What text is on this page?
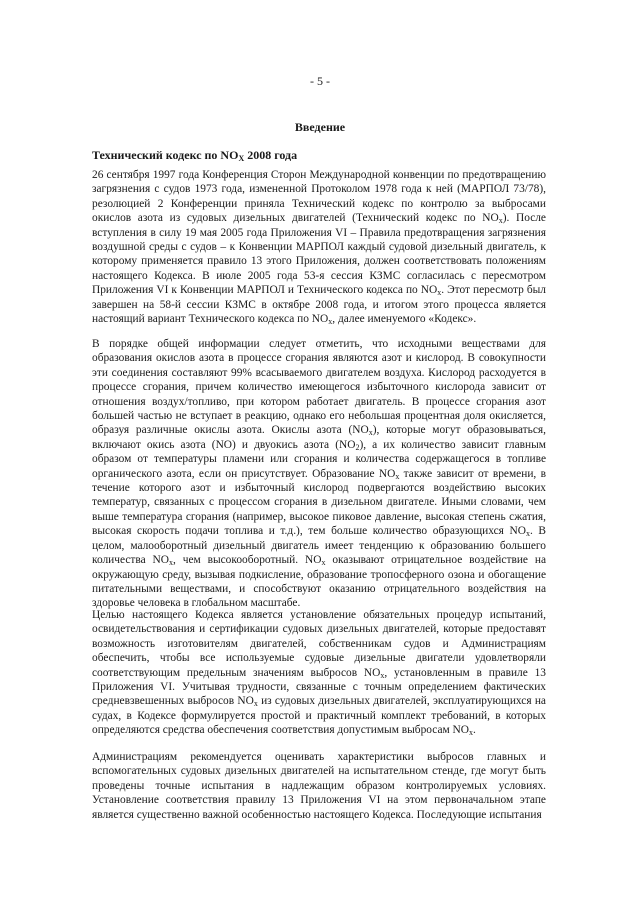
- 5 -
Введение
Технический кодекс по $NO_X$ 2008 года

26 сентября 1997 года Конференция Сторон Международной конвенции по предотвращению загрязнения с судов 1973 года, измененной Протоколом 1978 года к ней (МАРПОЛ 73/78), резолюцией 2 Конференции приняла Технический кодекс по контролю за выбросами окислов азота из судовых дизельных двигателей (Технический кодекс по $NO_x$). После вступления в силу 19 мая 2005 года Приложения VI – Правила предотвращения загрязнения воздушной среды с судов – к Конвенции МАРПОЛ каждый судовой дизельный двигатель, к которому применяется правило 13 этого Приложения, должен соответствовать положениям настоящего Кодекса. В июле 2005 года 53-я сессия КЗМС согласилась с пересмотром Приложения VI к Конвенции МАРПОЛ и Технического кодекса по $NO_x$. Этот пересмотр был завершен на 58-й сессии КЗМС в октябре 2008 года, и итогом этого процесса является настоящий вариант Технического кодекса по $NO_x$, далее именуемого «Кодекс».

В порядке общей информации следует отметить, что исходными веществами для образования окислов азота в процессе сгорания являются азот и кислород. В совокупности эти соединения составляют 99% всасываемого двигателем воздуха. Кислород расходуется в процессе сгорания, причем количество имеющегося избыточного кислорода зависит от отношения воздух/топливо, при котором работает двигатель. В процессе сгорания азот большей частью не вступает в реакцию, однако его небольшая процентная доля окисляется, образуя различные окислы азота. Окислы азота $(NO_x)$, которые могут образовываться, включают окись азота (NO) и двуокись азота $(NO_2)$, а их количество зависит главным образом от температуры пламени или сгорания и количества содержащегося в топливе органического азота, если он присутствует. Образование $NO_x$ также зависит от времени, в течение которого азот и избыточный кислород подвергаются воздействию высоких температур, связанных с процессом сгорания в дизельном двигателе. Иными словами, чем выше температура сгорания (например, высокое пиковое давление, высокая степень сжатия, высокая скорость подачи топлива и т.д.), тем больше количество образующихся $NO_x$. В целом, малооборотный дизельный двигатель имеет тенденцию к образованию большего количества $NO_x$, чем высокооборотный. $NO_x$ оказывают отрицательное воздействие на окружающую среду, вызывая подкисление, образование тропосферного озона и обогащение питательными веществами, и способствуют оказанию отрицательного воздействия на здоровье человека в глобальном масштабе.

Целью настоящего Кодекса является установление обязательных процедур испытаний, освидетельствования и сертификации судовых дизельных двигателей, которые предоставят возможность изготовителям двигателей, собственникам судов и Администрациям обеспечить, чтобы все используемые судовые дизельные двигатели удовлетворяли соответствующим предельным значениям выбросов $NO_x$, установленным в правиле 13 Приложения VI. Учитывая трудности, связанные с точным определением фактических средневзвешенных выбросов $NO_x$ из судовых дизельных двигателей, эксплуатирующихся на судах, в Кодексе формулируется простой и практичный комплект требований, в которых определяются средства обеспечения соответствия допустимым выбросам $NO_x$.

Администрациям рекомендуется оценивать характеристики выбросов главных и вспомогательных судовых дизельных двигателей на испытательном стенде, где могут быть проведены точные испытания в надлежащим образом контролируемых условиях. Установление соответствия правилу 13 Приложения VI на этом первоначальном этапе является существенно важной особенностью настоящего Кодекса. Последующие испытания
